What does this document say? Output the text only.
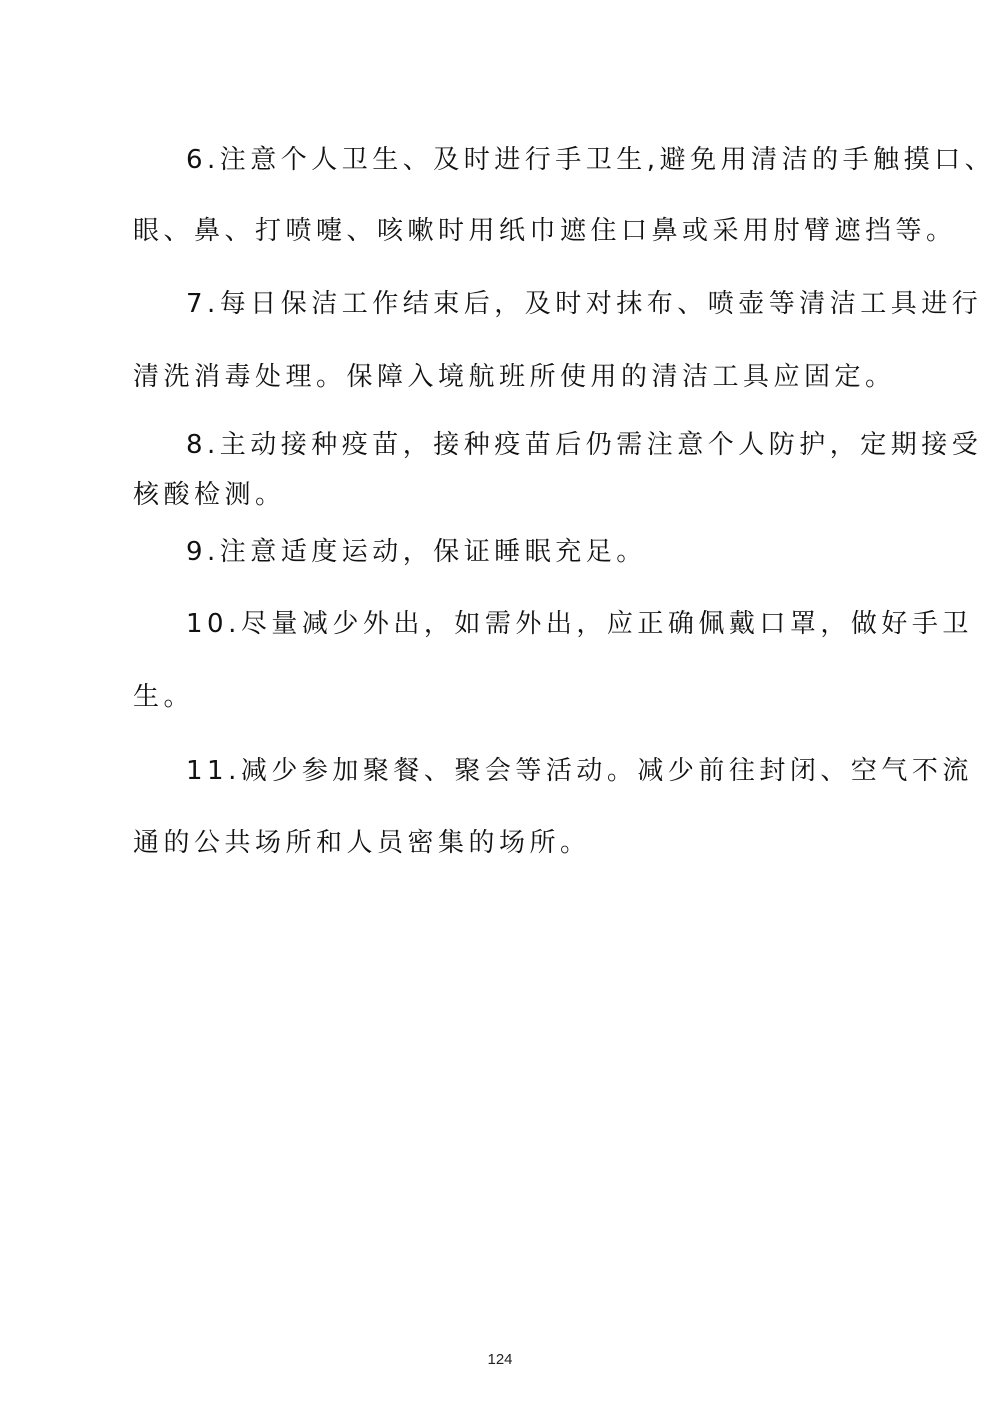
6.注意个人卫生、及时进行手卫生,避免用清洁的手触摸口、
眼、鼻、打喷嚏、咳嗽时用纸巾遮住口鼻或采用肘臂遮挡等。
7.每日保洁工作结束后，及时对抹布、喷壶等清洁工具进行
清洗消毒处理。保障入境航班所使用的清洁工具应固定。
8.主动接种疫苗，接种疫苗后仍需注意个人防护，定期接受
核酸检测。
9.注意适度运动，保证睡眠充足。
10.尽量减少外出，如需外出，应正确佩戴口罩，做好手卫
生。
11.减少参加聚餐、聚会等活动。减少前往封闭、空气不流
通的公共场所和人员密集的场所。
124
